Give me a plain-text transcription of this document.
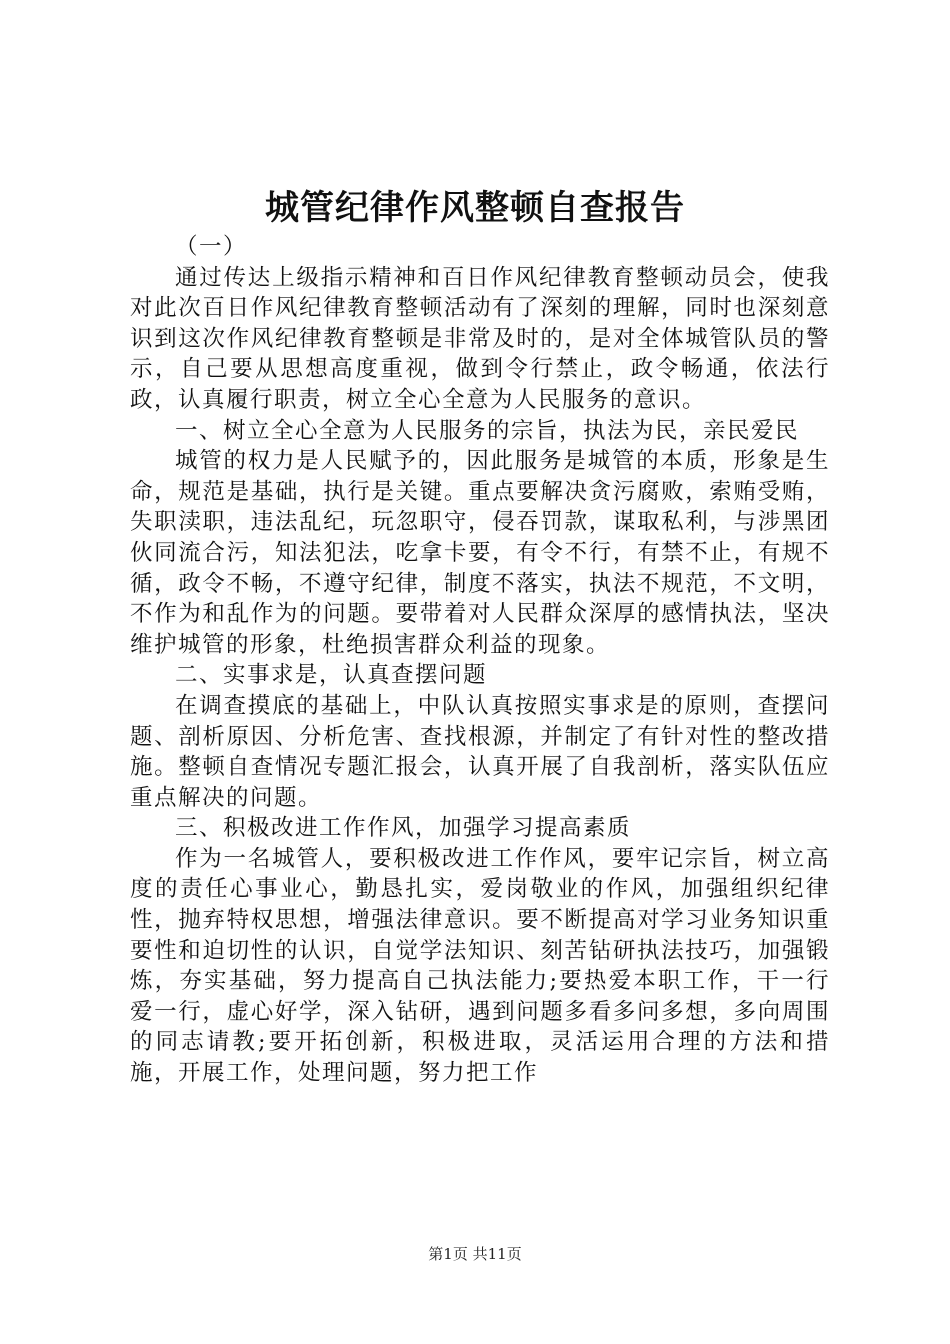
城管纪律作风整顿自查报告

（一）

通过传达上级指示精神和百日作风纪律教育整顿动员会，使我对此次百日作风纪律教育整顿活动有了深刻的理解，同时也深刻意识到这次作风纪律教育整顿是非常及时的，是对全体城管队员的警示，自己要从思想高度重视，做到令行禁止，政令畅通，依法行政，认真履行职责，树立全心全意为人民服务的意识。

一、树立全心全意为人民服务的宗旨，执法为民，亲民爱民

城管的权力是人民赋予的，因此服务是城管的本质，形象是生命，规范是基础，执行是关键。重点要解决贪污腐败，索贿受贿，失职渎职，违法乱纪，玩忽职守，侵吞罚款，谋取私利，与涉黑团伙同流合污，知法犯法，吃拿卡要，有令不行，有禁不止，有规不循，政令不畅，不遵守纪律，制度不落实，执法不规范，不文明，不作为和乱作为的问题。要带着对人民群众深厚的感情执法，坚决维护城管的形象，杜绝损害群众利益的现象。

二、实事求是，认真查摆问题

在调查摸底的基础上，中队认真按照实事求是的原则，查摆问题、剖析原因、分析危害、查找根源，并制定了有针对性的整改措施。整顿自查情况专题汇报会，认真开展了自我剖析，落实队伍应重点解决的问题。

三、积极改进工作作风，加强学习提高素质

作为一名城管人，要积极改进工作作风，要牢记宗旨，树立高度的责任心事业心，勤恳扎实，爱岗敬业的作风，加强组织纪律性，抛弃特权思想，增强法律意识。要不断提高对学习业务知识重要性和迫切性的认识，自觉学法知识、刻苦钻研执法技巧，加强锻炼，夯实基础，努力提高自己执法能力;要热爱本职工作，干一行爱一行，虚心好学，深入钻研，遇到问题多看多问多想，多向周围的同志请教;要开拓创新，积极进取，灵活运用合理的方法和措施，开展工作，处理问题，努力把工作

第1页 共11页
